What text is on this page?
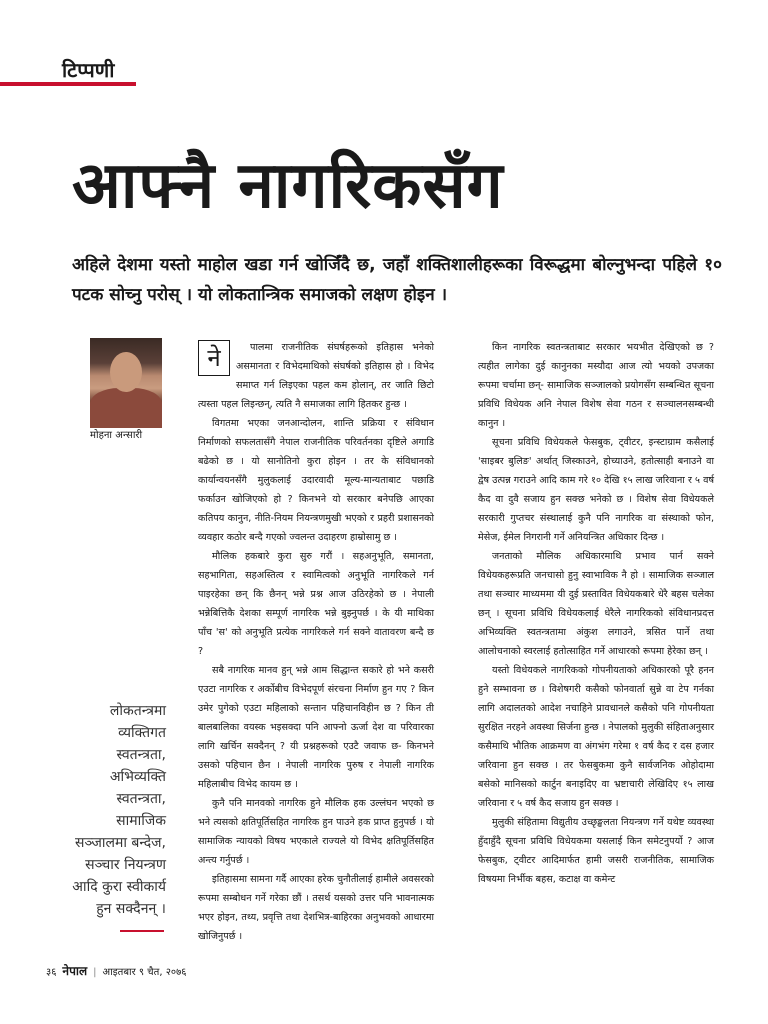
टिप्पणी
आफ्नै नागरिकसँग

अहिले देशमा यस्तो माहोल खडा गर्न खोजिँदै छ, जहाँ शक्तिशालीहरूका विरूद्धमा बोल्नुभन्दा पहिले १० पटक सोच्नु परोस् । यो लोकतान्त्रिक समाजको लक्षण होइन ।

मोहना अन्सारी

लोकतन्त्रमा व्यक्तिगत स्वतन्त्रता, अभिव्यक्ति स्वतन्त्रता, सामाजिक सञ्जालमा बन्देज, सञ्चार नियन्त्रण आदि कुरा स्वीकार्य हुन सक्दैनन् ।

ने	पालमा राजनीतिक संघर्षहरूको इतिहास भनेको असमानता र विभेदमाथिको संघर्षको इतिहास हो । विभेद समाप्त गर्न लिइएका पहल कम होलान्, तर जाति छिटो त्यस्ता पहल लिइन्छन्, त्यति नै समाजका लागि हितकर हुन्छ ।

विगतमा भएका जनआन्दोलन, शान्ति प्रक्रिया र संविधान निर्माणको सफलतासँगै नेपाल राजनीतिक परिवर्तनका दृष्टिले अगाडि बढेको छ । यो सानोतिनो कुरा होइन । तर के संविधानको कार्यान्वयनसँगै मुलुकलाई उदारवादी मूल्य-मान्यताबाट पछाडि फर्काउन खोजिएको हो ? किनभने यो सरकार बनेपछि आएका कतिपय कानुन, नीति-नियम नियन्त्रणमुखी भएको र प्रहरी प्रशासनको व्यवहार कठोर बन्दै गएको ज्वलन्त उदाहरण हाम्रोसामु छ ।

मौलिक हकबारे कुरा सुरु गरौं । सहअनुभूति, समानता, सहभागिता, सहअस्तित्व र स्वामित्वको अनुभूति नागरिकले गर्न पाइरहेका छन् कि छैनन् भन्ने प्रश्न आज उठिरहेको छ । नेपाली भन्नेबित्तिकै देशका सम्पूर्ण नागरिक भन्ने बुझ्नुपर्छ । के यी माथिका पाँच 'स' को अनुभूति प्रत्येक नागरिकले गर्न सक्ने वातावरण बन्दै छ ?

सबै नागरिक मानव हुन् भन्ने आम सिद्धान्त सकारे हो भने कसरी एउटा नागरिक र अर्कोबीच विभेदपूर्ण संरचना निर्माण हुन गए ? किन उमेर पुगेको एउटा महिलाको सन्तान पहिचानविहीन छ ? किन ती बालबालिका वयस्क भइसक्दा पनि आफ्नो ऊर्जा देश वा परिवारका लागि खर्चिन सक्दैनन् ? यी प्रश्नहरूको एउटै जवाफ छ- किनभने उसको पहिचान छैन । नेपाली नागरिक पुरुष र नेपाली नागरिक महिलाबीच विभेद कायम छ ।

कुनै पनि मानवको नागरिक हुने मौलिक हक उल्लंघन भएको छ भने त्यसको क्षतिपूर्तिसहित नागरिक हुन पाउने हक प्राप्त हुनुपर्छ । यो सामाजिक न्यायको विषय भएकाले राज्यले यो विभेद क्षतिपूर्तिसहित अन्त्य गर्नुपर्छ ।

इतिहासमा सामना गर्दै आएका हरेक चुनौतीलाई हामीले अवसरको रूपमा सम्बोधन गर्ने गरेका छौं । तसर्थ यसको उत्तर पनि भावनात्मक भएर होइन, तथ्य, प्रवृत्ति तथा देशभित्र-बाहिरका अनुभवको आधारमा खोजिनुपर्छ ।

किन नागरिक स्वतन्त्रताबाट सरकार भयभीत देखिएको छ ? त्यहीत लागेका दुई कानुनका मस्यौदा आज त्यो भयको उपजका रूपमा चर्चामा छन्- सामाजिक सञ्जालको प्रयोगसँग सम्बन्धित सूचना प्रविधि विधेयक अनि नेपाल विशेष सेवा गठन र सञ्चालनसम्बन्धी कानुन ।

सूचना प्रविधि विधेयकले फेसबुक, ट्वीटर, इन्स्टाग्राम कसैलाई 'साइबर बुलिङ' अर्थात् जिस्काउने, होच्याउने, हतोत्साही बनाउने वा द्वेष उत्पन्न गराउने आदि काम गरे १० देखि १५ लाख जरिवाना र ५ वर्ष कैद वा दुवै सजाय हुन सक्छ भनेको छ । विशेष सेवा विधेयकले सरकारी गुप्तचर संस्थालाई कुनै पनि नागरिक वा संस्थाको फोन, मेसेज, ईमेल निगरानी गर्ने अनियन्त्रित अधिकार दिन्छ ।

जनताको मौलिक अधिकारमाथि प्रभाव पार्न सक्ने विधेयकहरूप्रति जनचासो हुनु स्वाभाविक नै हो । सामाजिक सञ्जाल तथा सञ्चार माध्यममा यी दुई प्रस्तावित विधेयकबारे धेरै बहस चलेका छन् । सूचना प्रविधि विधेयकलाई धेरैले नागरिकको संविधानप्रदत्त अभिव्यक्ति स्वतन्त्रतामा अंकुश लगाउने, त्रसित पार्ने तथा आलोचनाको स्वरलाई हतोत्साहित गर्ने आधारको रूपमा हेरेका छन् ।

यस्तो विधेयकले नागरिकको गोपनीयताको अधिकारको पूरै हनन हुने सम्भावना छ । विशेषगरी कसैको फोनवार्ता सुन्ने वा टेप गर्नका लागि अदालतको आदेश नचाहिने प्रावधानले कसैको पनि गोपनीयता सुरक्षित नरहने अवस्था सिर्जना हुन्छ । नेपालको मुलुकी संहिताअनुसार कसैमाथि भौतिक आक्रमण वा अंगभंग गरेमा १ वर्ष कैद र दस हजार जरिवाना हुन सक्छ । तर फेसबुकमा कुनै सार्वजनिक ओहोदामा बसेको मानिसको कार्टुन बनाइदिए वा भ्रष्टाचारी लेखिदिए १५ लाख जरिवाना र ५ वर्ष कैद सजाय हुन सक्छ ।

मुलुकी संहितामा विद्युतीय उच्छृङ्खलता नियन्त्रण गर्ने यथेष्ट व्यवस्था हुँदाहुँदै सूचना प्रविधि विधेयकमा यसलाई किन समेटनुपर्यो ? आज फेसबुक, ट्वीटर आदिमार्फत हामी जसरी राजनीतिक, सामाजिक विषयमा निर्भीक बहस, कटाक्ष वा कमेन्ट

३६ नेपाल | आइतबार ९ चैत, २०७६
